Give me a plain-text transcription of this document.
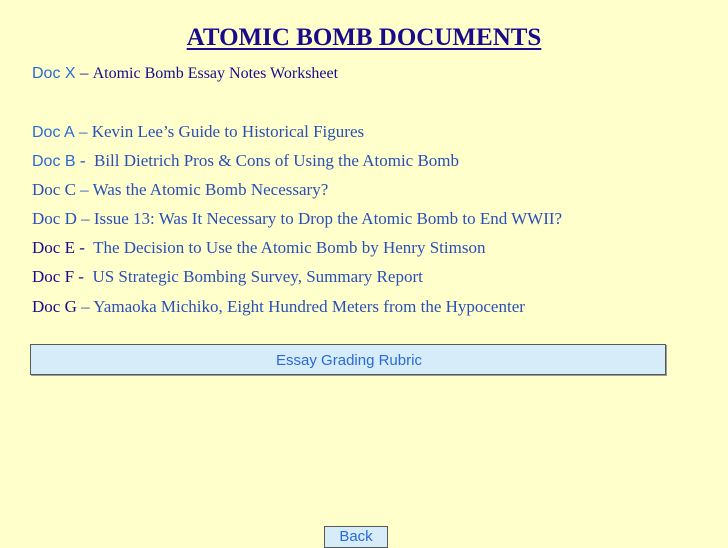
ATOMIC BOMB DOCUMENTS
Doc X – Atomic Bomb Essay Notes Worksheet
Doc A – Kevin Lee’s Guide to Historical Figures
Doc B -  Bill Dietrich Pros & Cons of Using the Atomic Bomb
Doc C – Was the Atomic Bomb Necessary?
Doc D – Issue 13: Was It Necessary to Drop the Atomic Bomb to End WWII?
Doc E -  The Decision to Use the Atomic Bomb by Henry Stimson
Doc F -  US Strategic Bombing Survey, Summary Report
Doc G – Yamaoka Michiko, Eight Hundred Meters from the Hypocenter
Essay Grading Rubric
Back
